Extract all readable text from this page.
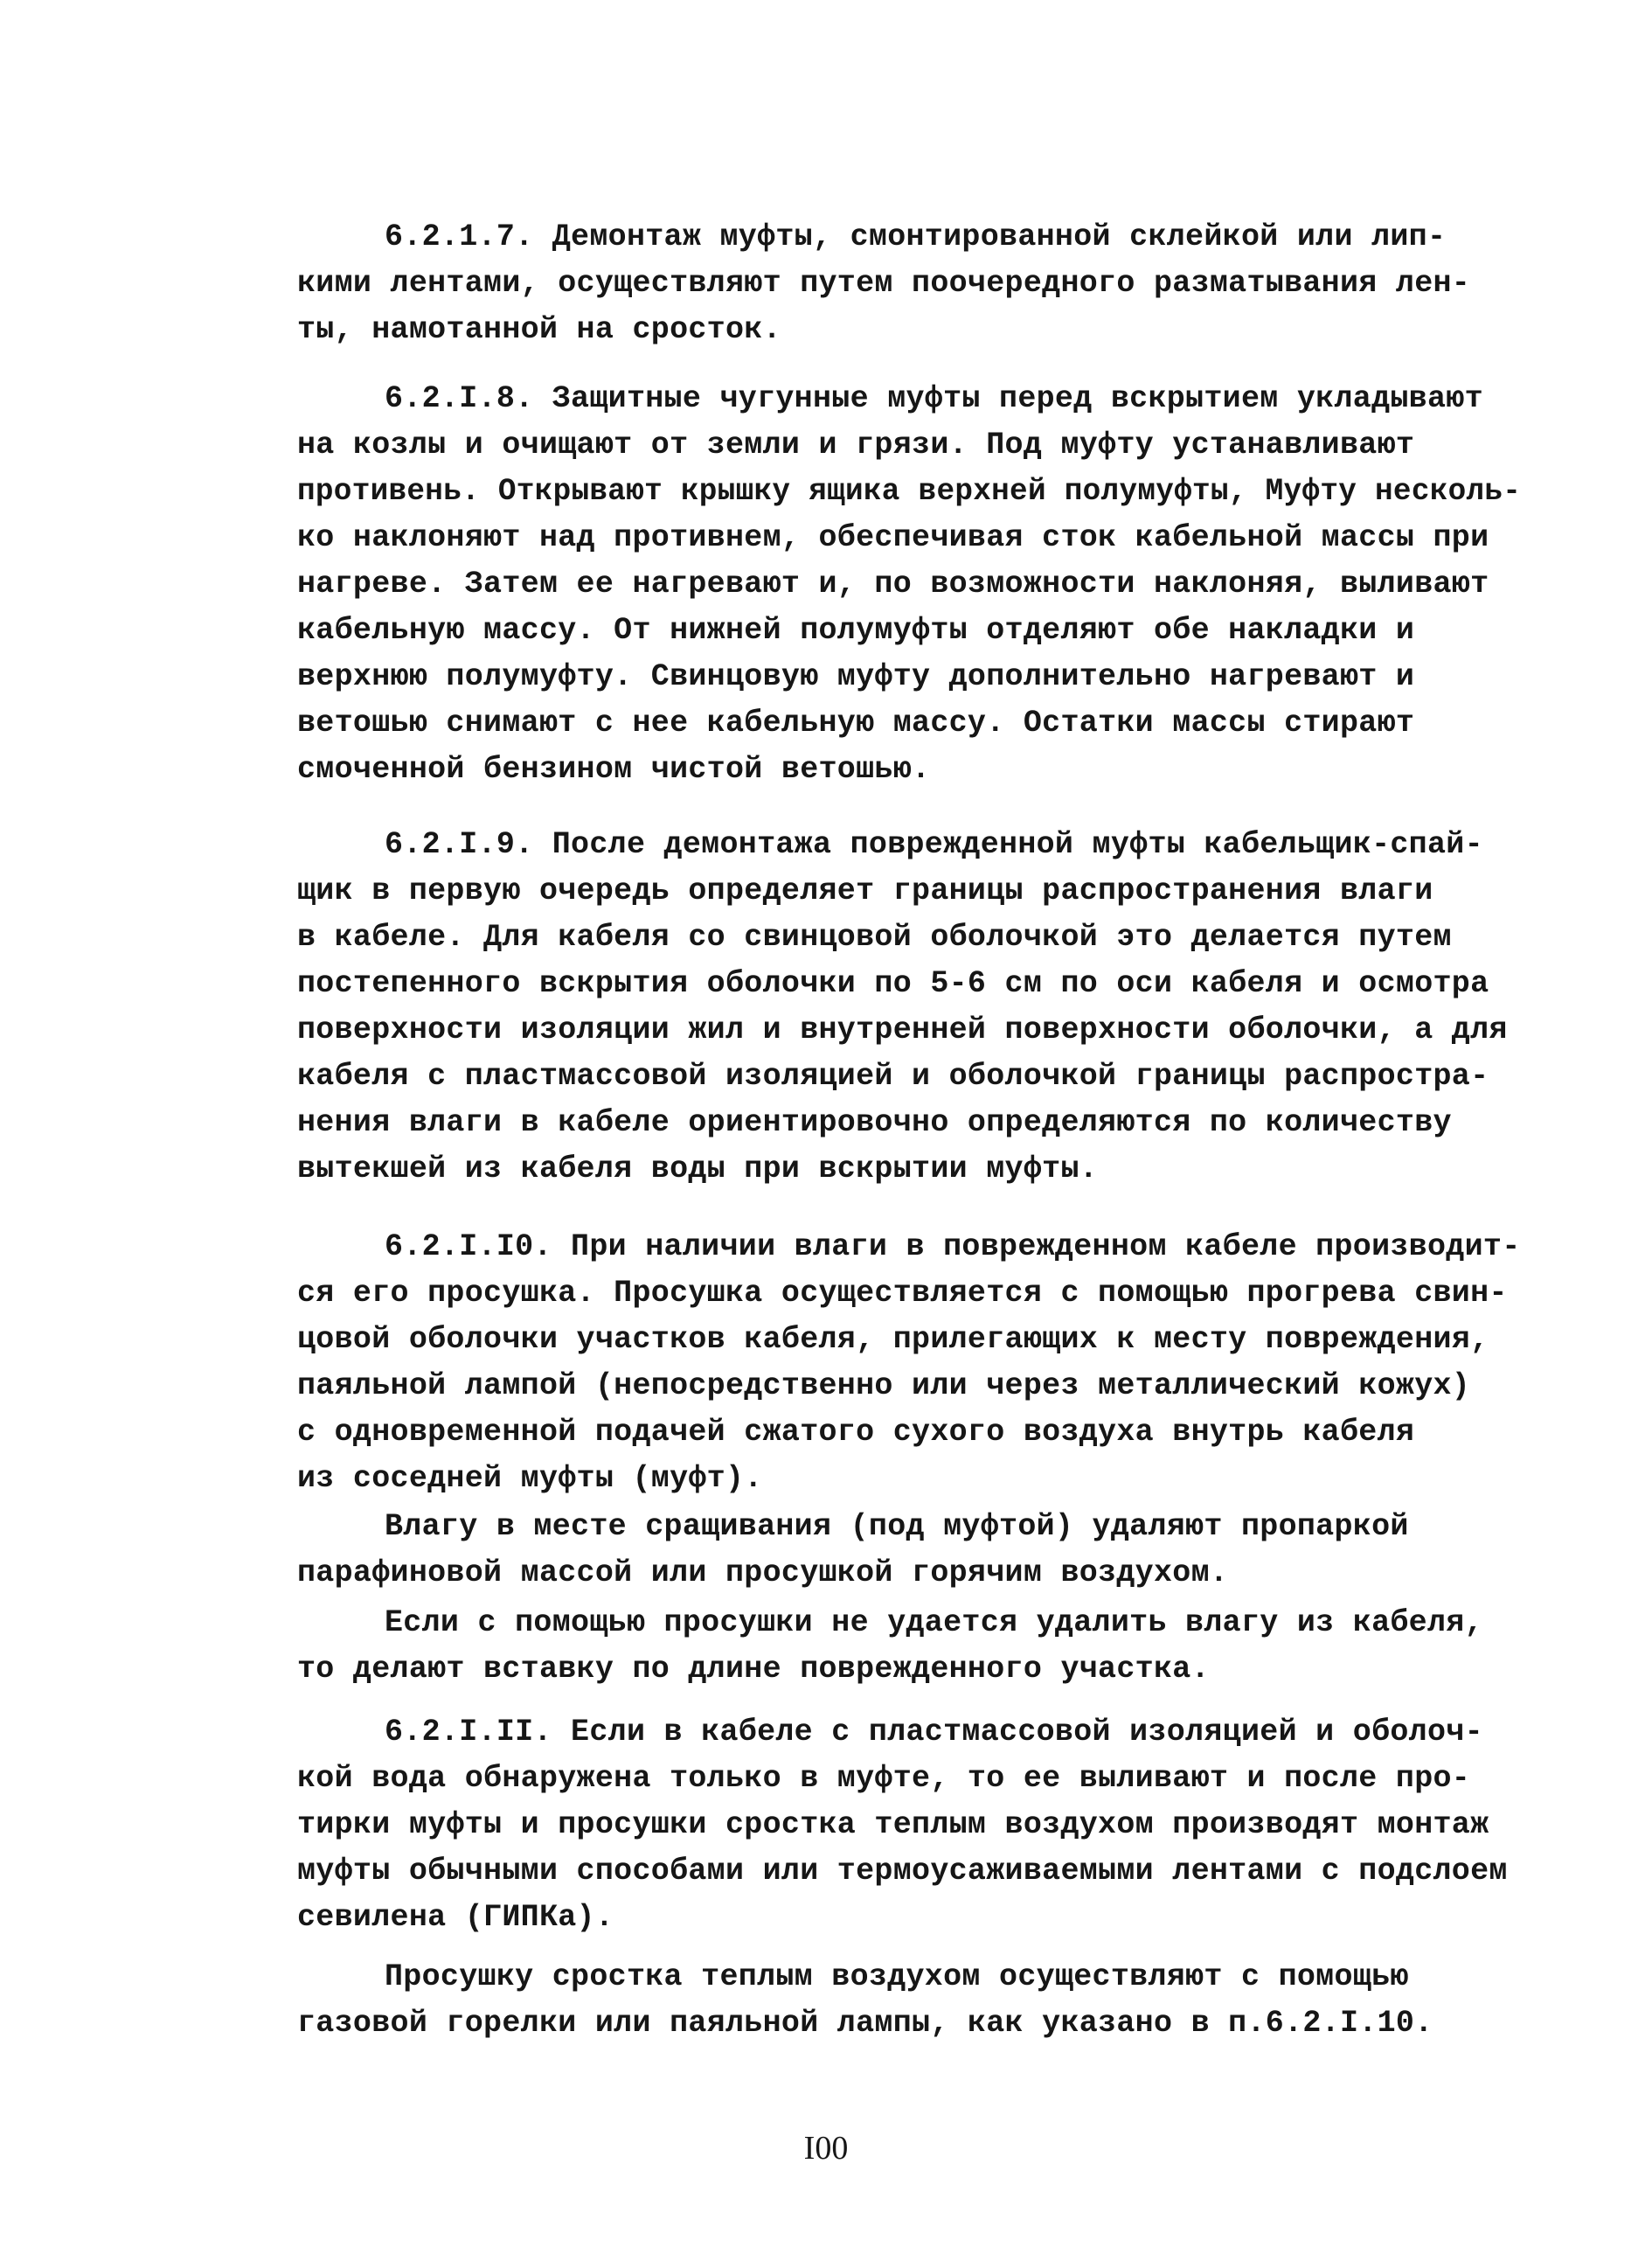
6.2.1.7. Демонтаж муфты, смонтированной склейкой или лип-
кими лентами, осуществляют путем поочередного разматывания лен-
ты, намотанной на сросток.

6.2.I.8. Защитные чугунные муфты перед вскрытием укладывают
на козлы и очищают от земли и грязи. Под муфту устанавливают
противень. Открывают крышку ящика верхней полумуфты, Муфту несколь-
ко наклоняют над противнем, обеспечивая сток кабельной массы при
нагреве. Затем ее нагревают и, по возможности наклоняя, выливают
кабельную массу. От нижней полумуфты отделяют обе накладки и
верхнюю полумуфту. Свинцовую муфту дополнительно нагревают и
ветошью снимают с нее кабельную массу. Остатки массы стирают
смоченной бензином чистой ветошью.

6.2.I.9. После демонтажа поврежденной муфты кабельщик-спай-
щик в первую очередь определяет границы распространения влаги
в кабеле. Для кабеля со свинцовой оболочкой это делается путем
постепенного вскрытия оболочки по 5-6 см по оси кабеля и осмотра
поверхности изоляции жил и внутренней поверхности оболочки, а для
кабеля с пластмассовой изоляцией и оболочкой границы распростра-
нения влаги в кабеле ориентировочно определяются по количеству
вытекшей из кабеля воды при вскрытии муфты.

6.2.I.I0. При наличии влаги в поврежденном кабеле производит-
ся его просушка. Просушка осуществляется с помощью прогрева свин-
цовой оболочки участков кабеля, прилегающих к месту повреждения,
паяльной лампой (непосредственно или через металлический кожух)
с одновременной подачей сжатого сухого воздуха внутрь кабеля
из соседней муфты (муфт).

Влагу в месте сращивания (под муфтой) удаляют пропаркой
парафиновой массой или просушкой горячим воздухом.

Если с помощью просушки не удается удалить влагу из кабеля,
то делают вставку по длине поврежденного участка.

6.2.I.II. Если в кабеле с пластмассовой изоляцией и оболоч-
кой вода обнаружена только в муфте, то ее выливают и после про-
тирки муфты и просушки сростка теплым воздухом производят монтаж
муфты обычными способами или термоусаживаемыми лентами с подслоем
севилена (ГИПКа).

Просушку сростка теплым воздухом осуществляют с помощью
газовой горелки или паяльной лампы, как указано в п.6.2.I.10.

I00
